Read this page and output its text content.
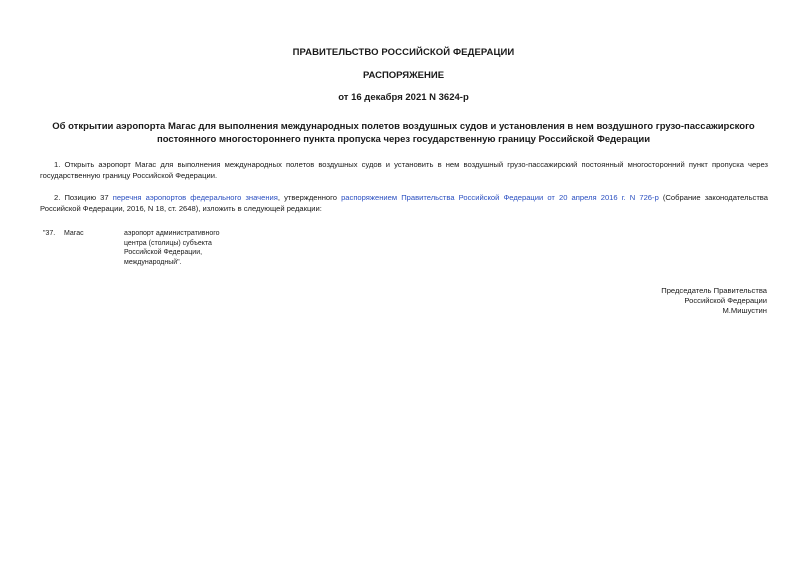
ПРАВИТЕЛЬСТВО РОССИЙСКОЙ ФЕДЕРАЦИИ
РАСПОРЯЖЕНИЕ
от 16 декабря 2021 N 3624-р
Об открытии аэропорта Магас для выполнения международных полетов воздушных судов и установления в нем воздушного грузо-пассажирского постоянного многостороннего пункта пропуска через государственную границу Российской Федерации
1. Открыть аэропорт Магас для выполнения международных полетов воздушных судов и установить в нем воздушный грузо-пассажирский постоянный многосторонний пункт пропуска через государственную границу Российской Федерации.
2. Позицию 37 перечня аэропортов федерального значения, утвержденного распоряжением Правительства Российской Федерации от 20 апреля 2016 г. N 726-р (Собрание законодательства Российской Федерации, 2016, N 18, ст. 2648), изложить в следующей редакции:
"37. Магас	аэропорт административного центра (столицы) субъекта Российской Федерации, международный".
Председатель Правительства
Российской Федерации
М.Мишустин
